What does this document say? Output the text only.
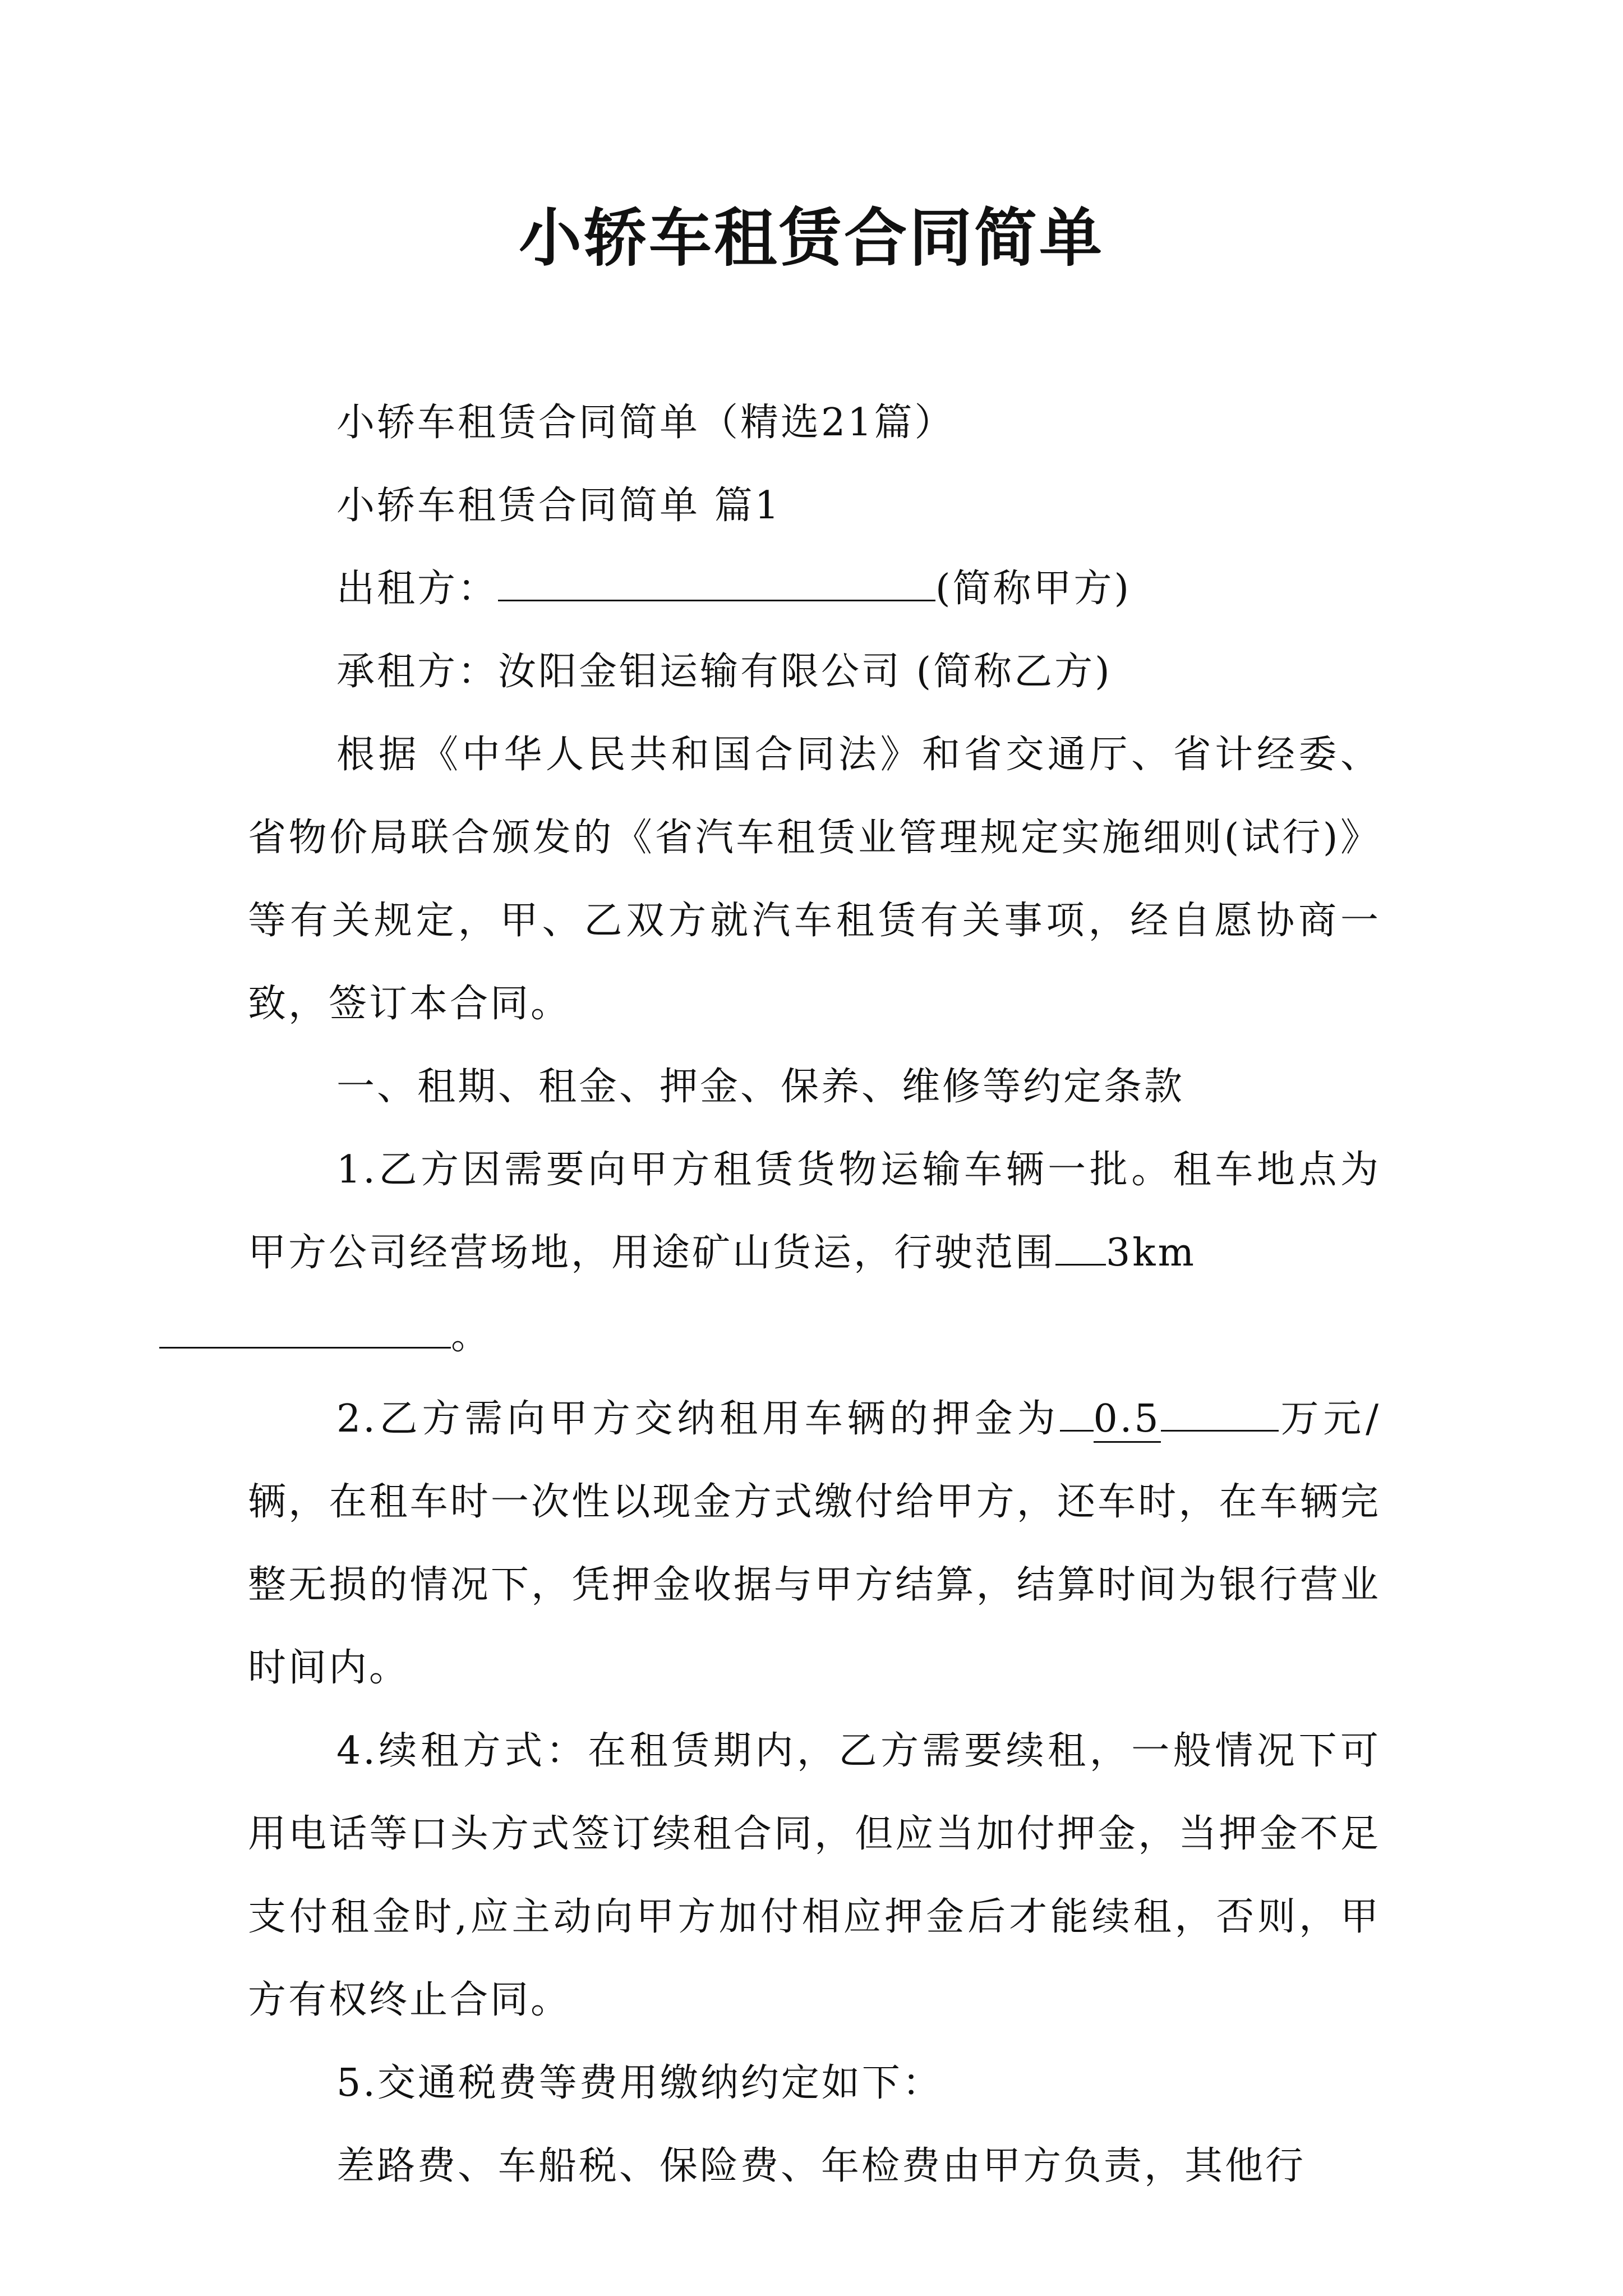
小轿车租赁合同简单

小轿车租赁合同简单（精选21篇）

小轿车租赁合同简单 篇1

出租方：	(简称甲方)

承租方：汝阳金钼运输有限公司 (简称乙方)

根据《中华人民共和国合同法》和省交通厅、省计经委、省物价局联合颁发的《省汽车租赁业管理规定实施细则(试行)》等有关规定，甲、乙双方就汽车租赁有关事项，经自愿协商一致，签订本合同。

一、租期、租金、押金、保养、维修等约定条款

1.乙方因需要向甲方租赁货物运输车辆一批。租车地点为甲方公司经营场地，用途矿山货运，行驶范围 3km
。

2.乙方需向甲方交纳租用车辆的押金为 0.5	万元/辆，在租车时一次性以现金方式缴付给甲方，还车时，在车辆完整无损的情况下，凭押金收据与甲方结算，结算时间为银行营业时间内。

4.续租方式：在租赁期内，乙方需要续租，一般情况下可用电话等口头方式签订续租合同，但应当加付押金，当押金不足支付租金时,应主动向甲方加付相应押金后才能续租，否则，甲方有权终止合同。

5.交通税费等费用缴纳约定如下：

差路费、车船税、保险费、年检费由甲方负责，其他行
